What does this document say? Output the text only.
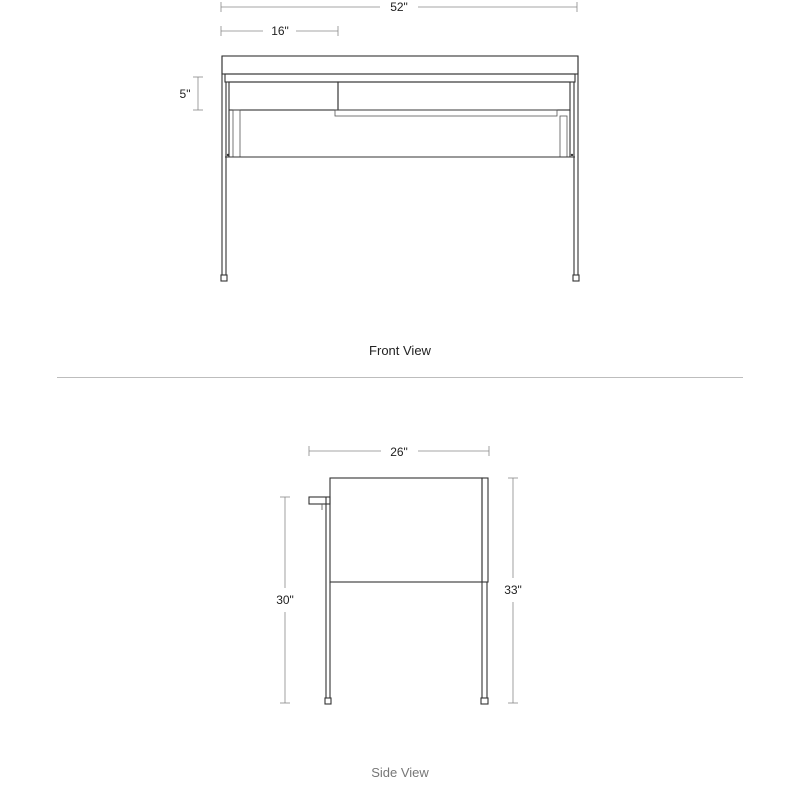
52"
16"
5"
26"
30"
33"
Front View
Side View
